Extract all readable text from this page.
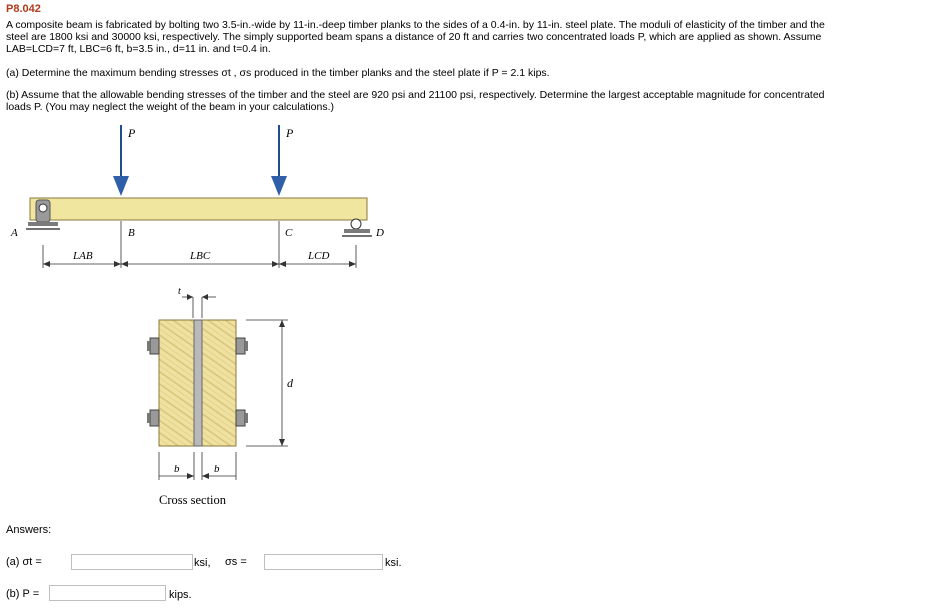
P8.042
A composite beam is fabricated by bolting two 3.5-in.-wide by 11-in.-deep timber planks to the sides of a 0.4-in. by 11-in. steel plate. The moduli of elasticity of the timber and the
steel are 1800 ksi and 30000 ksi, respectively. The simply supported beam spans a distance of 20 ft and carries two concentrated loads P, which are applied as shown. Assume
LAB=LCD=7 ft, LBC=6 ft, b=3.5 in., d=11 in. and t=0.4 in.
(a) Determine the maximum bending stresses σt , σs produced in the timber planks and the steel plate if P = 2.1 kips.
(b) Assume that the allowable bending stresses of the timber and the steel are 920 psi and 21100 psi, respectively. Determine the largest acceptable magnitude for concentrated
loads P. (You may neglect the weight of the beam in your calculations.)
P	P
A	D
B	C
LAB	LBC	LCD
t
d
b	b
Cross section
Answers:
(a) σt =	ksi, σs =	ksi.
(b) P =	kips.
